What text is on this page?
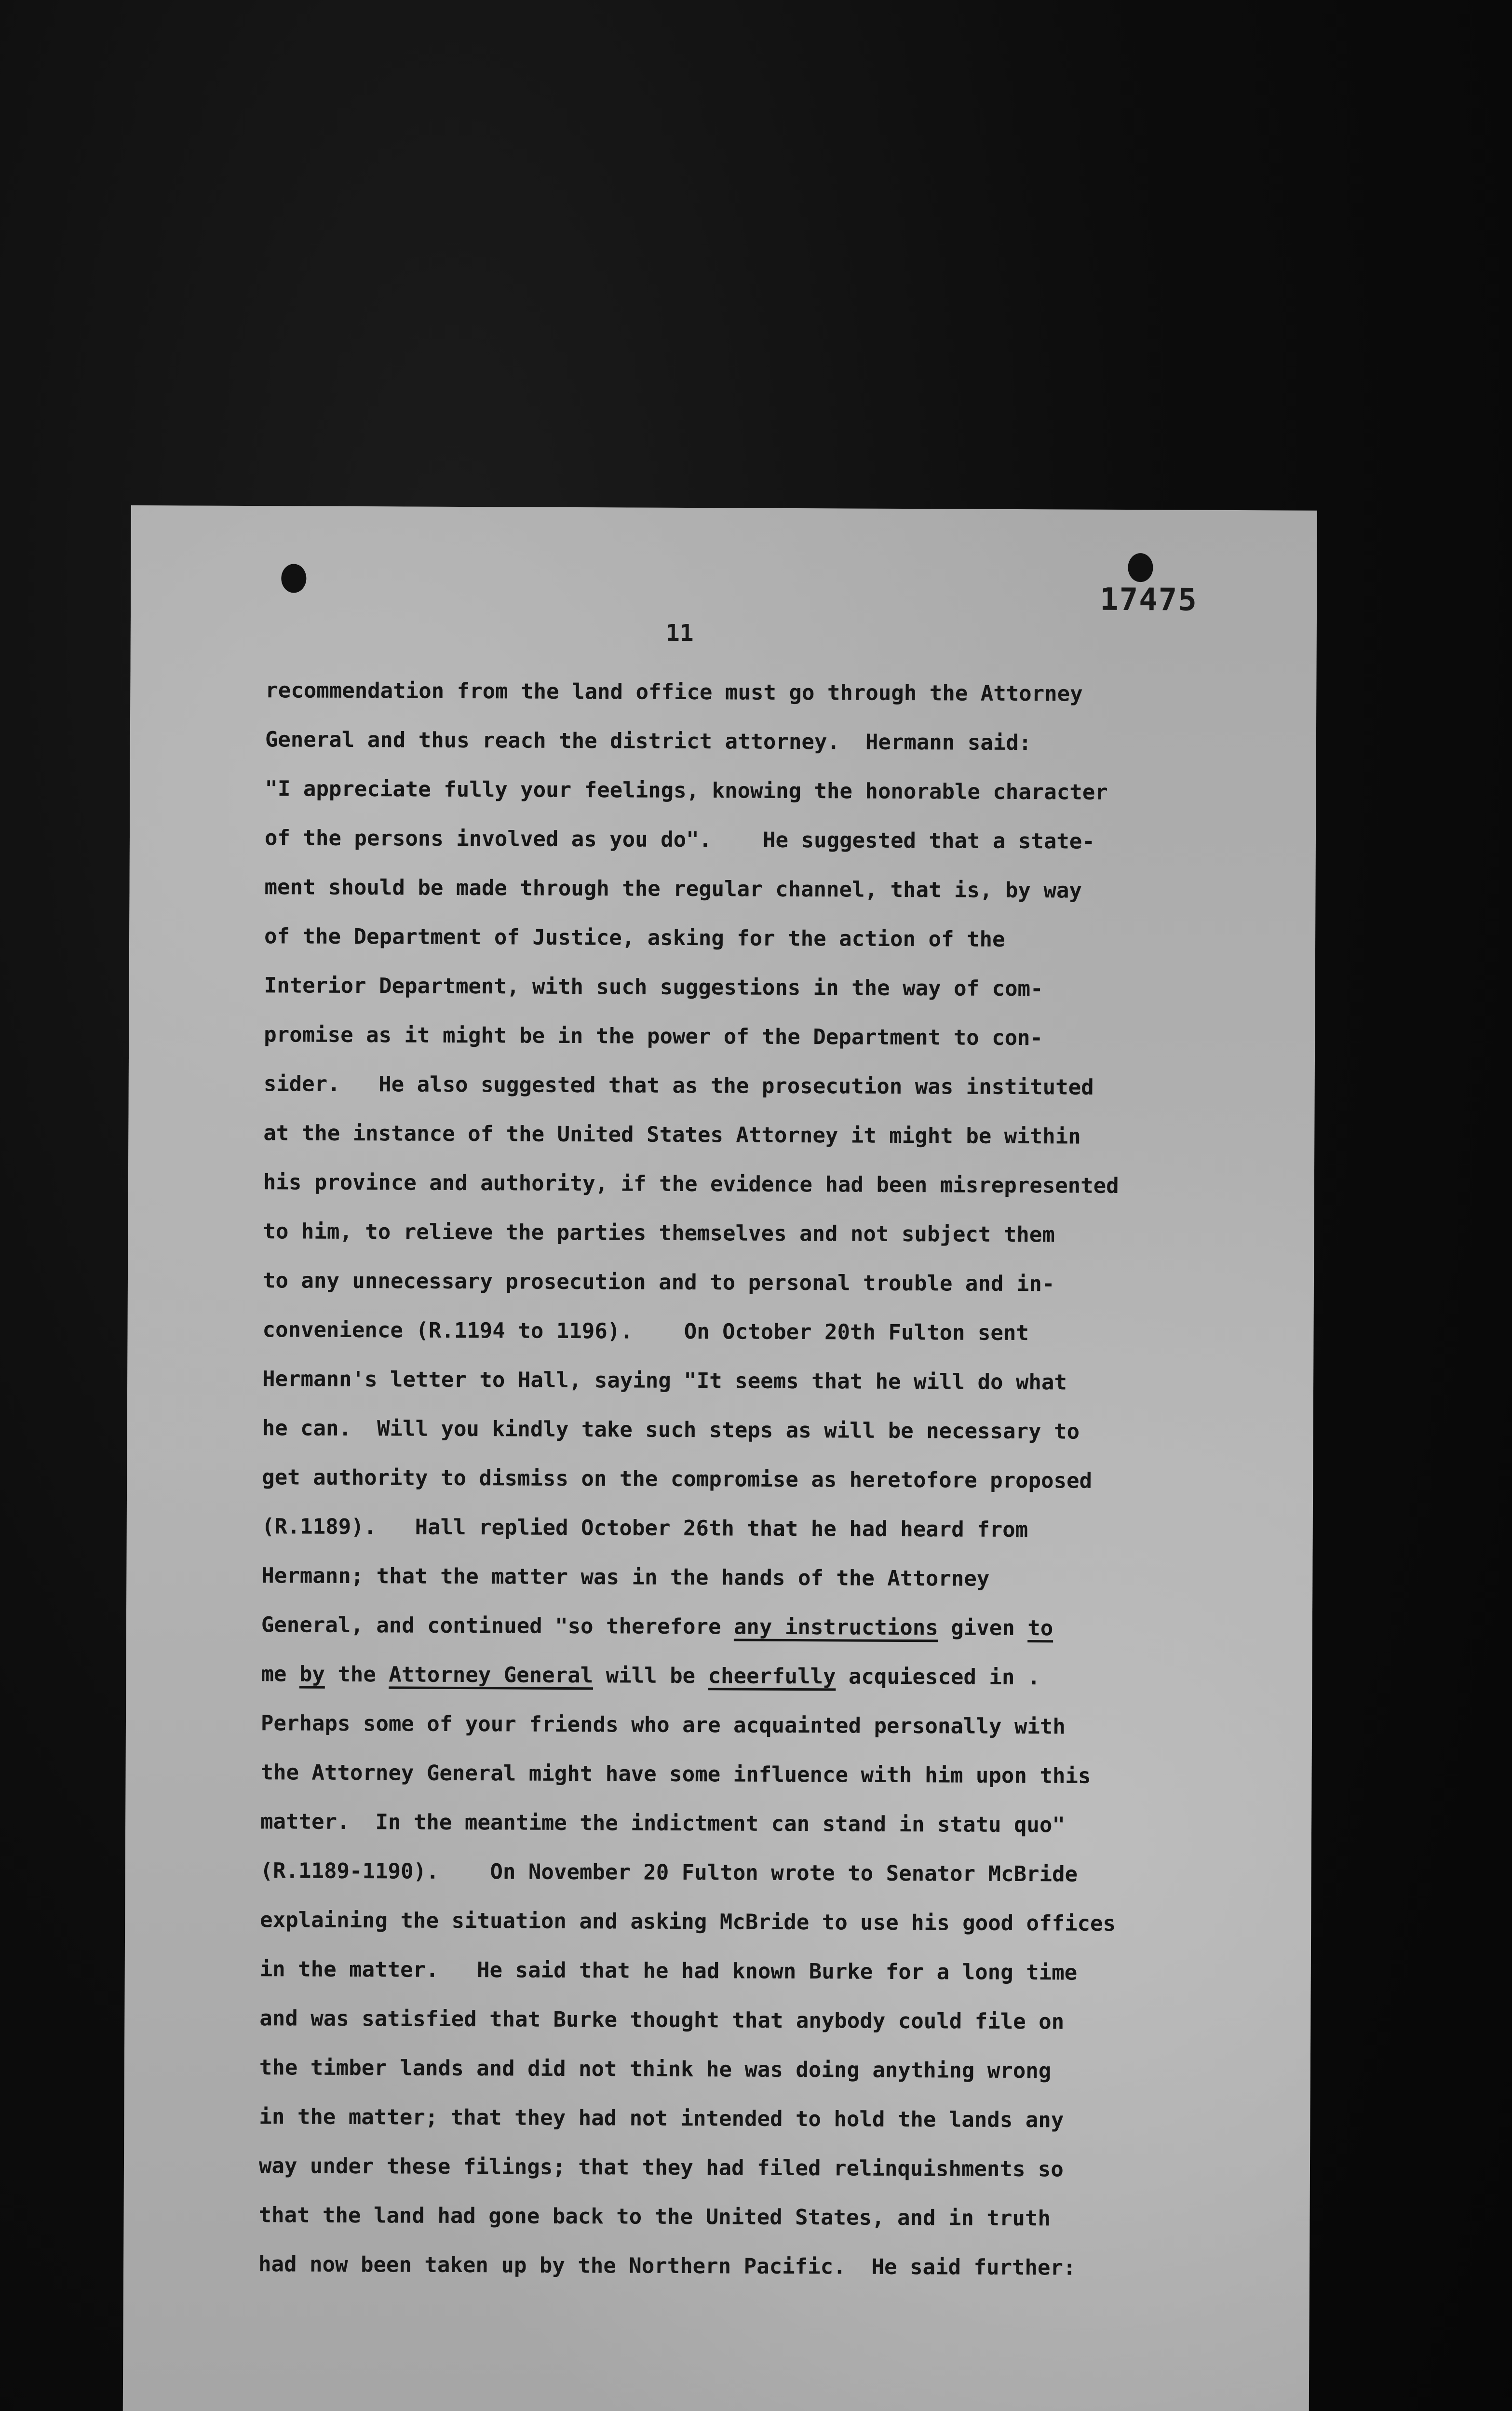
17475
11
recommendation from the land office must go through the Attorney
General and thus reach the district attorney.  Hermann said:
"I appreciate fully your feelings, knowing the honorable character
of the persons involved as you do".    He suggested that a state-
ment should be made through the regular channel, that is, by way
of the Department of Justice, asking for the action of the
Interior Department, with such suggestions in the way of com-
promise as it might be in the power of the Department to con-
sider.   He also suggested that as the prosecution was instituted
at the instance of the United States Attorney it might be within
his province and authority, if the evidence had been misrepresented
to him, to relieve the parties themselves and not subject them
to any unnecessary prosecution and to personal trouble and in-
convenience (R.1194 to 1196).    On October 20th Fulton sent
Hermann's letter to Hall, saying "It seems that he will do what
he can.  Will you kindly take such steps as will be necessary to
get authority to dismiss on the compromise as heretofore proposed
(R.1189).   Hall replied October 26th that he had heard from
Hermann; that the matter was in the hands of the Attorney
General, and continued "so therefore any instructions given to
me by the Attorney General will be cheerfully acquiesced in .
Perhaps some of your friends who are acquainted personally with
the Attorney General might have some influence with him upon this
matter.  In the meantime the indictment can stand in statu quo"
(R.1189-1190).    On November 20 Fulton wrote to Senator McBride
explaining the situation and asking McBride to use his good offices
in the matter.   He said that he had known Burke for a long time
and was satisfied that Burke thought that anybody could file on
the timber lands and did not think he was doing anything wrong
in the matter; that they had not intended to hold the lands any
way under these filings; that they had filed relinquishments so
that the land had gone back to the United States, and in truth
had now been taken up by the Northern Pacific.  He said further:
